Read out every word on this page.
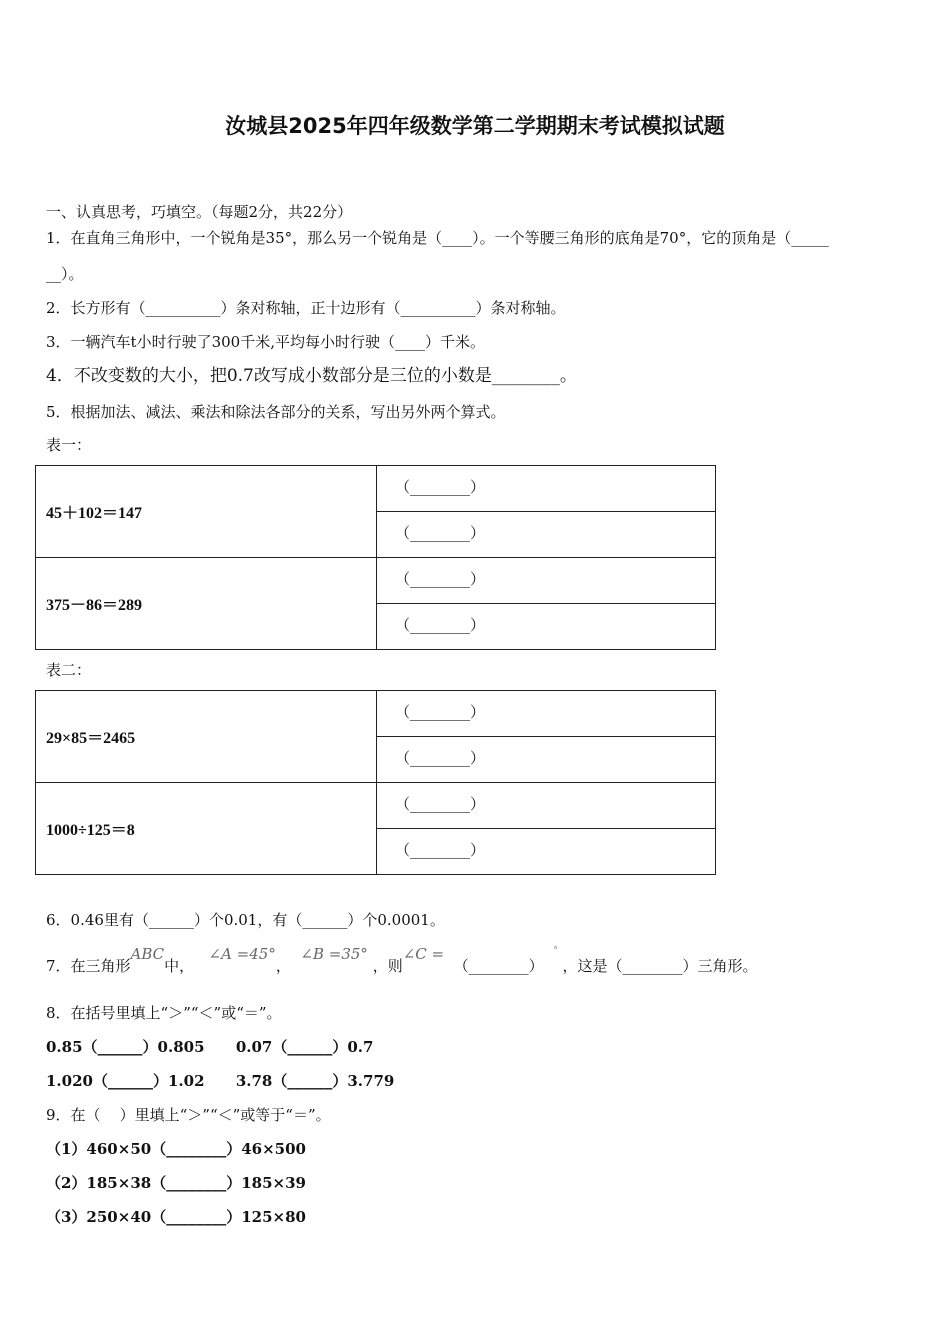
汝城县2025年四年级数学第二学期期末考试模拟试题
一、认真思考，巧填空。（每题2分，共22分）
1．在直角三角形中，一个锐角是35°，那么另一个锐角是（____）。一个等腰三角形的底角是70°，它的顶角是（_____
__）。
2．长方形有（__________）条对称轴，正十边形有（__________）条对称轴。
3．一辆汽车t小时行驶了300千米,平均每小时行驶（____）千米。
4．不改变数的大小，把0.7改写成小数部分是三位的小数是________。
5．根据加法、减法、乘法和除法各部分的关系，写出另外两个算式。
表一：
45＋102＝147	（________）
	（________）
375－86＝289	（________）
	（________）
表二：
29×85＝2465	（________）
	（________）
1000÷125＝8	（________）
	（________）
6．0.46里有（______）个0.01，有（______）个0.0001。
7．在三角形ABC中，   ∠A =45°，  ∠B =35° ，则∠C =  （________）  ° ，这是（________）三角形。
8．在括号里填上“＞”“＜”或“＝”。
0.85（______）0.805      0.07（______）0.7
1.020（______）1.02      3.78（______）3.779
9．在（    ）里填上“＞”“＜”或等于“＝”。
（1）460×50（________）46×500
（2）185×38（________）185×39
（3）250×40（________）125×80
